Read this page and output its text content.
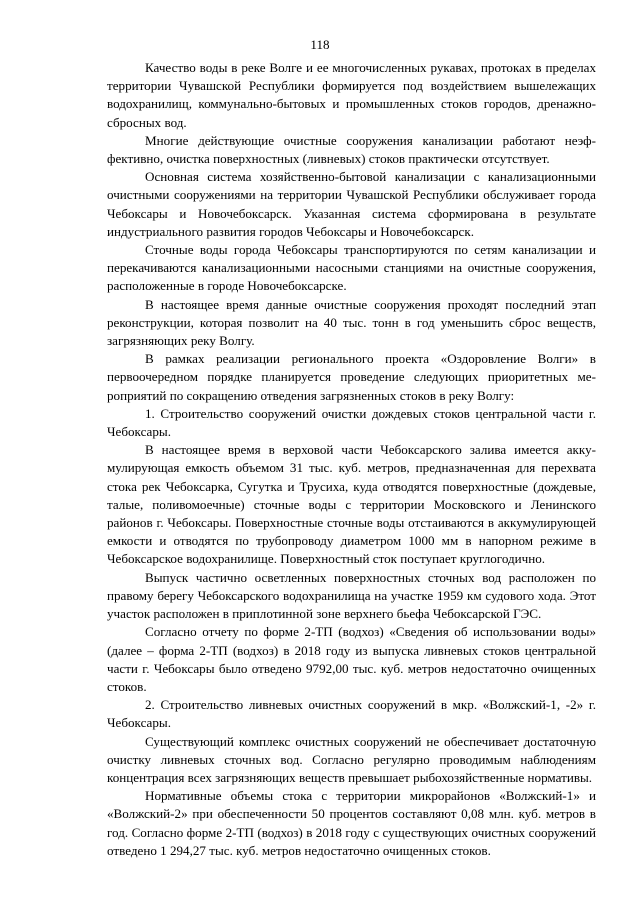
118

Качество воды в реке Волге и ее многочисленных рукавах, протоках в пределах территории Чувашской Республики формируется под воздействием вышележащих водохранилищ, коммунально-бытовых и промышленных стоков городов, дренажно-сбросных вод.

Многие действующие очистные сооружения канализации работают неэффективно, очистка поверхностных (ливневых) стоков практически отсутствует.

Основная система хозяйственно-бытовой канализации с канализационными очистными сооружениями на территории Чувашской Республики обслуживает города Чебоксары и Новочебоксарск. Указанная система сформирована в результате индустриального развития городов Чебоксары и Новочебоксарск.

Сточные воды города Чебоксары транспортируются по сетям канализации и перекачиваются канализационными насосными станциями на очистные сооружения, расположенные в городе Новочебоксарске.

В настоящее время данные очистные сооружения проходят последний этап реконструкции, которая позволит на 40 тыс. тонн в год уменьшить сброс веществ, загрязняющих реку Волгу.

В рамках реализации регионального проекта «Оздоровление Волги» в первоочередном порядке планируется проведение следующих приоритетных мероприятий по сокращению отведения загрязненных стоков в реку Волгу:

1. Строительство сооружений очистки дождевых стоков центральной части г. Чебоксары.

В настоящее время в верховой части Чебоксарского залива имеется аккумулирующая емкость объемом 31 тыс. куб. метров, предназначенная для перехвата стока рек Чебоксарка, Сугутка и Трусиха, куда отводятся поверхностные (дождевые, талые, поливомоечные) сточные воды с территории Московского и Ленинского районов г. Чебоксары. Поверхностные сточные воды отстаиваются в аккумулирующей емкости и отводятся по трубопроводу диаметром 1000 мм в напорном режиме в Чебоксарское водохранилище. Поверхностный сток поступает круглогодично.

Выпуск частично осветленных поверхностных сточных вод расположен по правому берегу Чебоксарского водохранилища на участке 1959 км судового хода. Этот участок расположен в приплотинной зоне верхнего бьефа Чебоксарской ГЭС.

Согласно отчету по форме 2-ТП (водхоз) «Сведения об использовании воды» (далее – форма 2-ТП (водхоз) в 2018 году из выпуска ливневых стоков центральной части г. Чебоксары было отведено 9792,00 тыс. куб. метров недостаточно очищенных стоков.

2. Строительство ливневых очистных сооружений в мкр. «Волжский-1, -2» г. Чебоксары.

Существующий комплекс очистных сооружений не обеспечивает достаточную очистку ливневых сточных вод. Согласно регулярно проводимым наблюдениям концентрация всех загрязняющих веществ превышает рыбохозяйственные нормативы.

Нормативные объемы стока с территории микрорайонов «Волжский-1» и «Волжский-2» при обеспеченности 50 процентов составляют 0,08 млн. куб. метров в год. Согласно форме 2-ТП (водхоз) в 2018 году с существующих очистных сооружений отведено 1 294,27 тыс. куб. метров недостаточно очищенных стоков.
